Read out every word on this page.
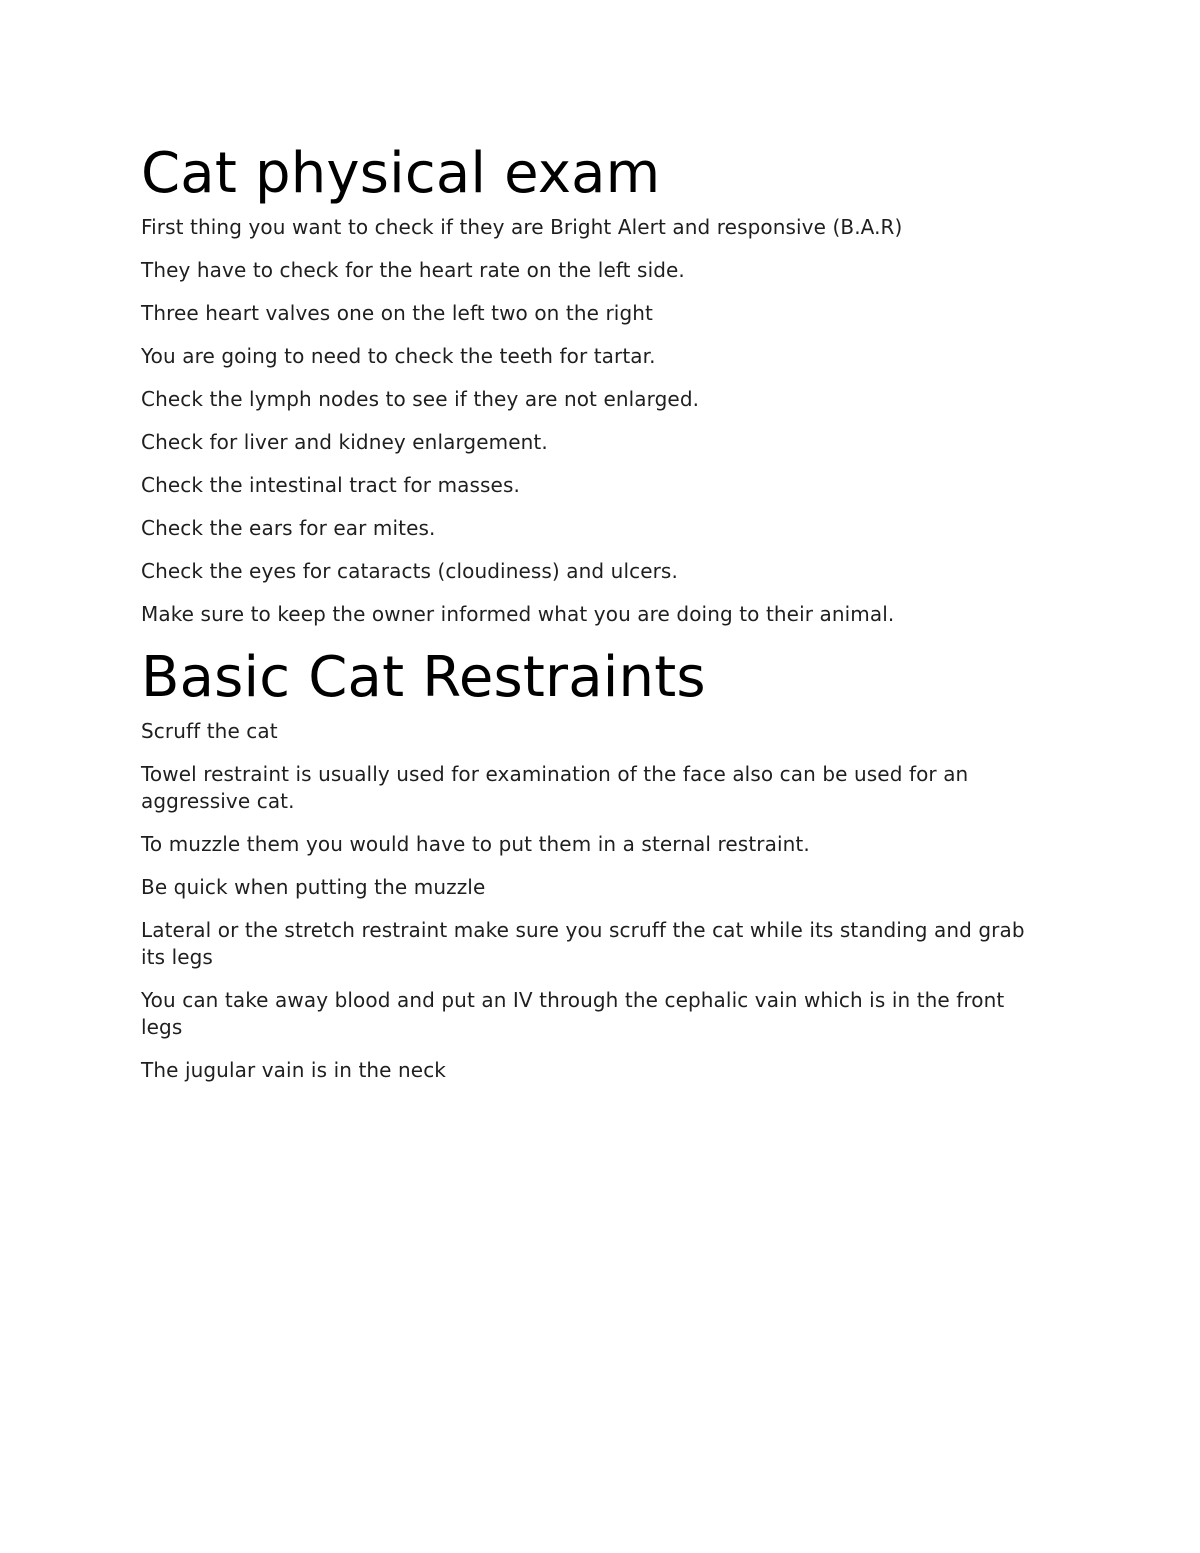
Cat physical exam

First thing you want to check if they are Bright Alert and responsive (B.A.R)

They have to check for the heart rate on the left side.

Three heart valves one on the left two on the right

You are going to need to check the teeth for tartar.

Check the lymph nodes to see if they are not enlarged.

Check for liver and kidney enlargement.

Check the intestinal tract for masses.

Check the ears for ear mites.

Check the eyes for cataracts (cloudiness) and ulcers.

Make sure to keep the owner informed what you are doing to their animal.

Basic Cat Restraints

Scruff the cat

Towel restraint is usually used for examination of the face also can be used for an aggressive cat.

To muzzle them you would have to put them in a sternal restraint.

Be quick when putting the muzzle

Lateral or the stretch restraint make sure you scruff the cat while its standing and grab its legs

You can take away blood and put an IV through the cephalic vain which is in the front legs

The jugular vain is in the neck
